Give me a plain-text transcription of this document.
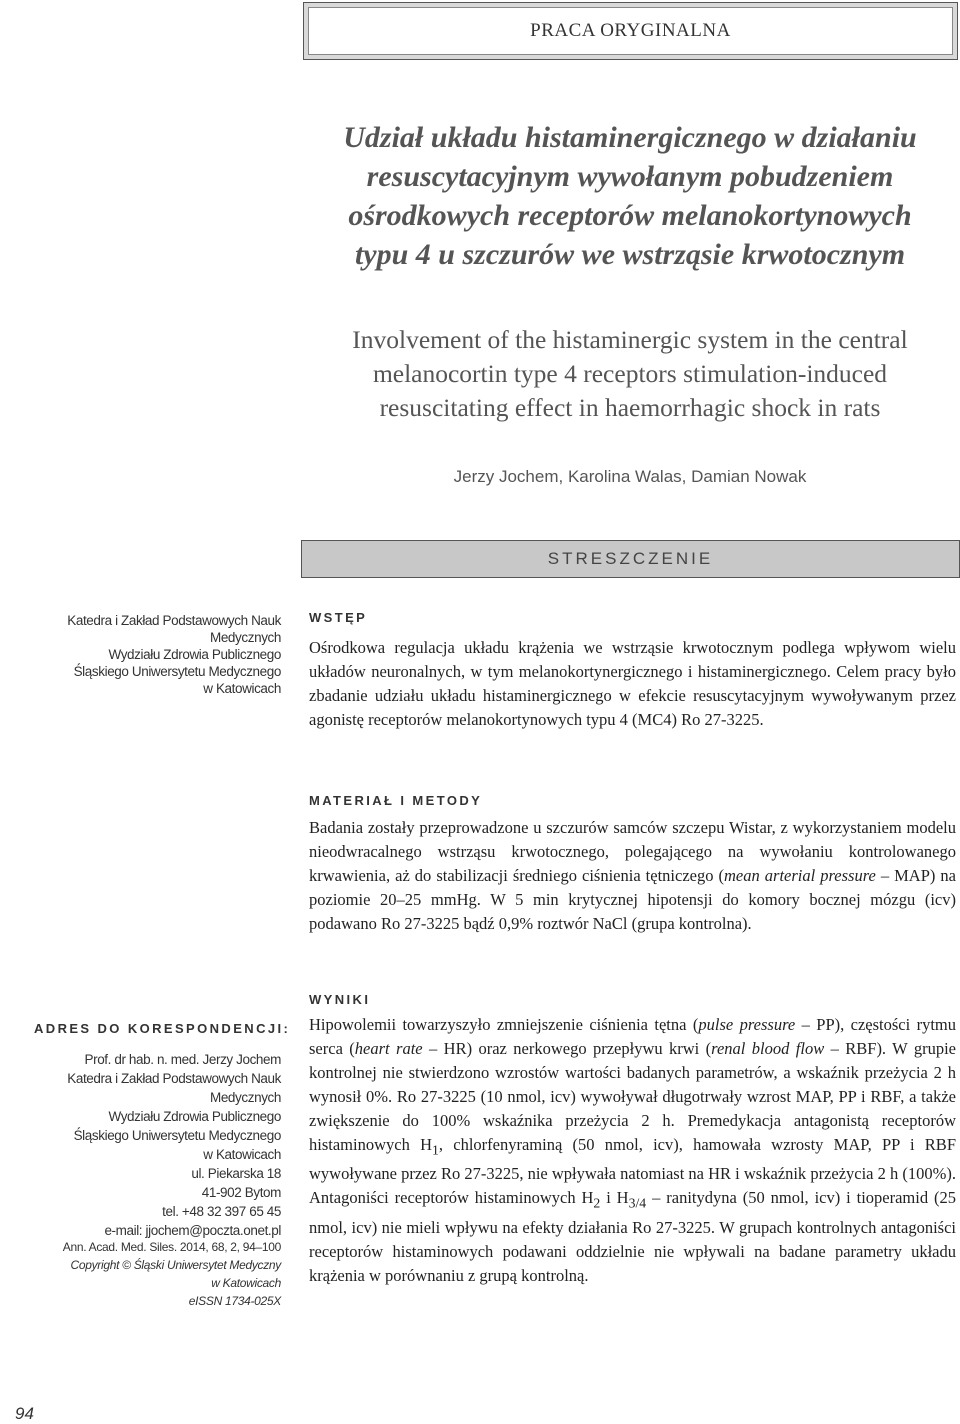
PRACA ORYGINALNA
Udział układu histaminergicznego w działaniu
resuscytacyjnym wywołanym pobudzeniem
ośrodkowych receptorów melanokortynowych
typu 4 u szczurów we wstrząsie krwotocznym
Involvement of the histaminergic system in the central
melanocortin type 4 receptors stimulation-induced
resuscitating effect in haemorrhagic shock in rats
Jerzy Jochem, Karolina Walas, Damian Nowak
STRESZCZENIE
Katedra i Zakład Podstawowych Nauk Medycznych
Wydziału Zdrowia Publicznego
Śląskiego Uniwersytetu Medycznego
w Katowicach
WSTĘP

Ośrodkowa regulacja układu krążenia we wstrząsie krwotocznym podlega wpływom wielu układów neuronalnych, w tym melanokortynergicznego i histaminergicznego. Celem pracy było zbadanie udziału układu histaminergicznego w efekcie resuscytacyjnym wywoływanym przez agonistę receptorów melanokortynowych typu 4 (MC4) Ro 27-3225.

MATERIAŁ I METODY

Badania zostały przeprowadzone u szczurów samców szczepu Wistar, z wykorzystaniem modelu nieodwracalnego wstrząsu krwotocznego, polegającego na wywołaniu kontrolowanego krwawienia, aż do stabilizacji średniego ciśnienia tętniczego (mean arterial pressure – MAP) na poziomie 20–25 mmHg. W 5 min krytycznej hipotensji do komory bocznej mózgu (icv) podawano Ro 27-3225 bądź 0,9% roztwór NaCl (grupa kontrolna).

WYNIKI

Hipowolemii towarzyszyło zmniejszenie ciśnienia tętna (pulse pressure – PP), częstości rytmu serca (heart rate – HR) oraz nerkowego przepływu krwi (renal blood flow – RBF). W grupie kontrolnej nie stwierdzono wzrostów wartości badanych parametrów, a wskaźnik przeżycia 2 h wynosił 0%. Ro 27-3225 (10 nmol, icv) wywoływał długotrwały wzrost MAP, PP i RBF, a także zwiększenie do 100% wskaźnika przeżycia 2 h. Premedykacja antagonistą receptorów histaminowych $H_1$, chlorfenyraminą (50 nmol, icv), hamowała wzrosty MAP, PP i RBF wywoływane przez Ro 27-3225, nie wpływała natomiast na HR i wskaźnik przeżycia 2 h (100%). Antagoniści receptorów histaminowych $H_2$ i $H_{3/4}$ – ranitydyna (50 nmol, icv) i tioperamid (25 nmol, icv) nie mieli wpływu na efekty działania Ro 27-3225. W grupach kontrolnych antagoniści receptorów histaminowych podawani oddzielnie nie wpływali na badane parametry układu krążenia w porównaniu z grupą kontrolną.

ADRES DO KORESPONDENCJI:
Prof. dr hab. n. med. Jerzy Jochem
Katedra i Zakład Podstawowych Nauk Medycznych
Wydziału Zdrowia Publicznego
Śląskiego Uniwersytetu Medycznego
w Katowicach
ul. Piekarska 18
41-902 Bytom
tel. +48 32 397 65 45
e-mail: jjochem@poczta.onet.pl
Ann. Acad. Med. Siles. 2014, 68, 2, 94–100
Copyright © Śląski Uniwersytet Medyczny
w Katowicach
eISSN 1734-025X
94
